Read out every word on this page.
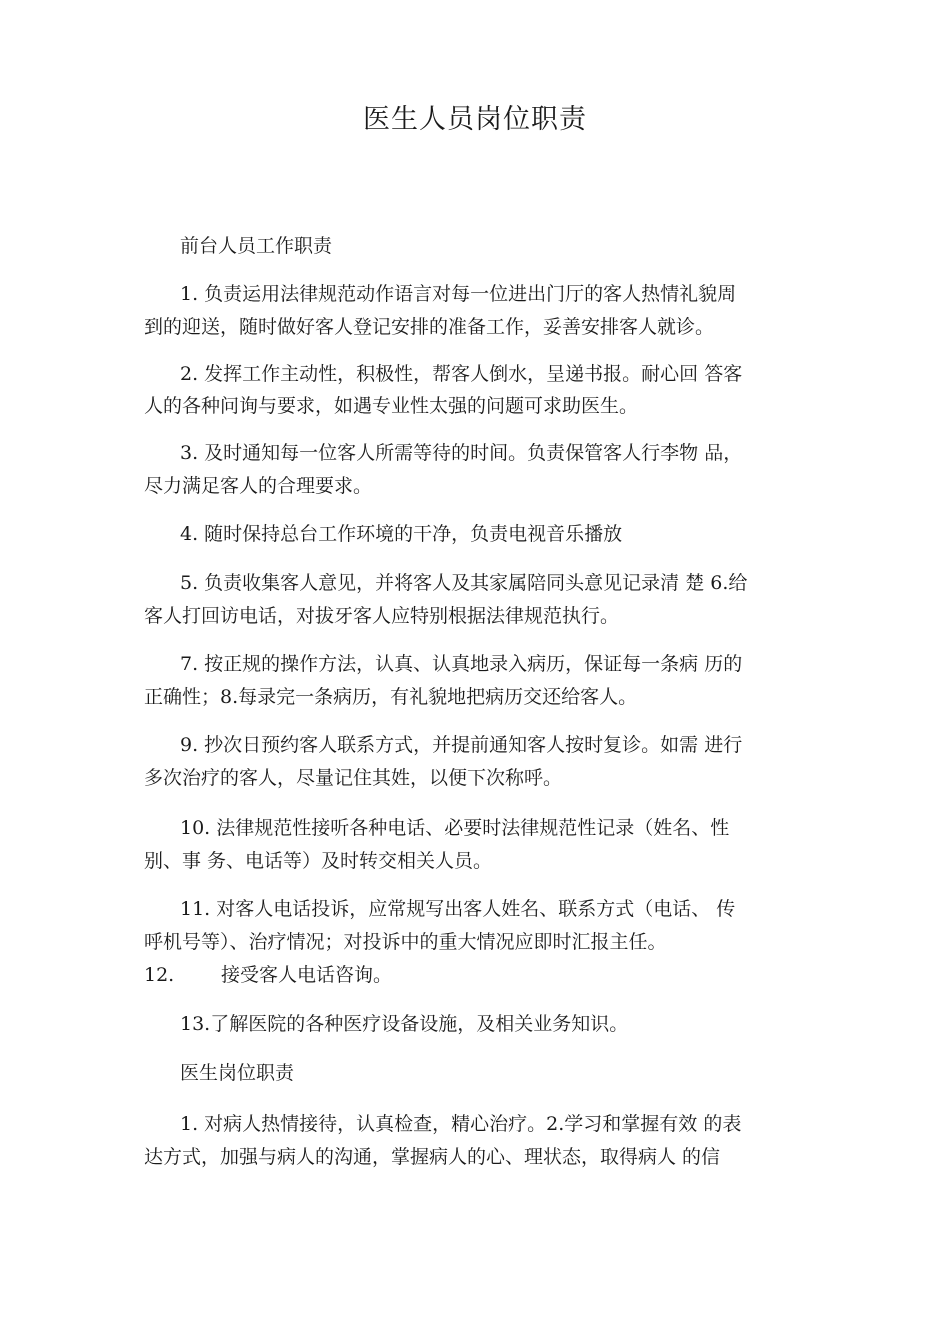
医生人员岗位职责
前台人员工作职责
1. 负责运用法律规范动作语言对每一位进出门厅的客人热情礼貌周
到的迎送，随时做好客人登记安排的准备工作，妥善安排客人就诊。
2. 发挥工作主动性，积极性，帮客人倒水，呈递书报。耐心回 答客
人的各种问询与要求，如遇专业性太强的问题可求助医生。
3. 及时通知每一位客人所需等待的时间。负责保管客人行李物 品，
尽力满足客人的合理要求。
4. 随时保持总台工作环境的干净，负责电视音乐播放
5. 负责收集客人意见，并将客人及其家属陪同头意见记录清 楚 6.给
客人打回访电话，对拔牙客人应特别根据法律规范执行。
7. 按正规的操作方法，认真、认真地录入病历，保证每一条病 历的
正确性；8.每录完一条病历，有礼貌地把病历交还给客人。
9. 抄次日预约客人联系方式，并提前通知客人按时复诊。如需 进行
多次治疗的客人，尽量记住其姓，以便下次称呼。
10. 法律规范性接听各种电话、必要时法律规范性记录（姓名、性
别、事 务、电话等）及时转交相关人员。
11. 对客人电话投诉，应常规写出客人姓名、联系方式（电话、 传
呼机号等）、治疗情况；对投诉中的重大情况应即时汇报主任。
12. 接受客人电话咨询。
13.了解医院的各种医疗设备设施，及相关业务知识。
医生岗位职责
1. 对病人热情接待，认真检查，精心治疗。2.学习和掌握有效 的表
达方式，加强与病人的沟通，掌握病人的心、理状态，取得病人 的信
